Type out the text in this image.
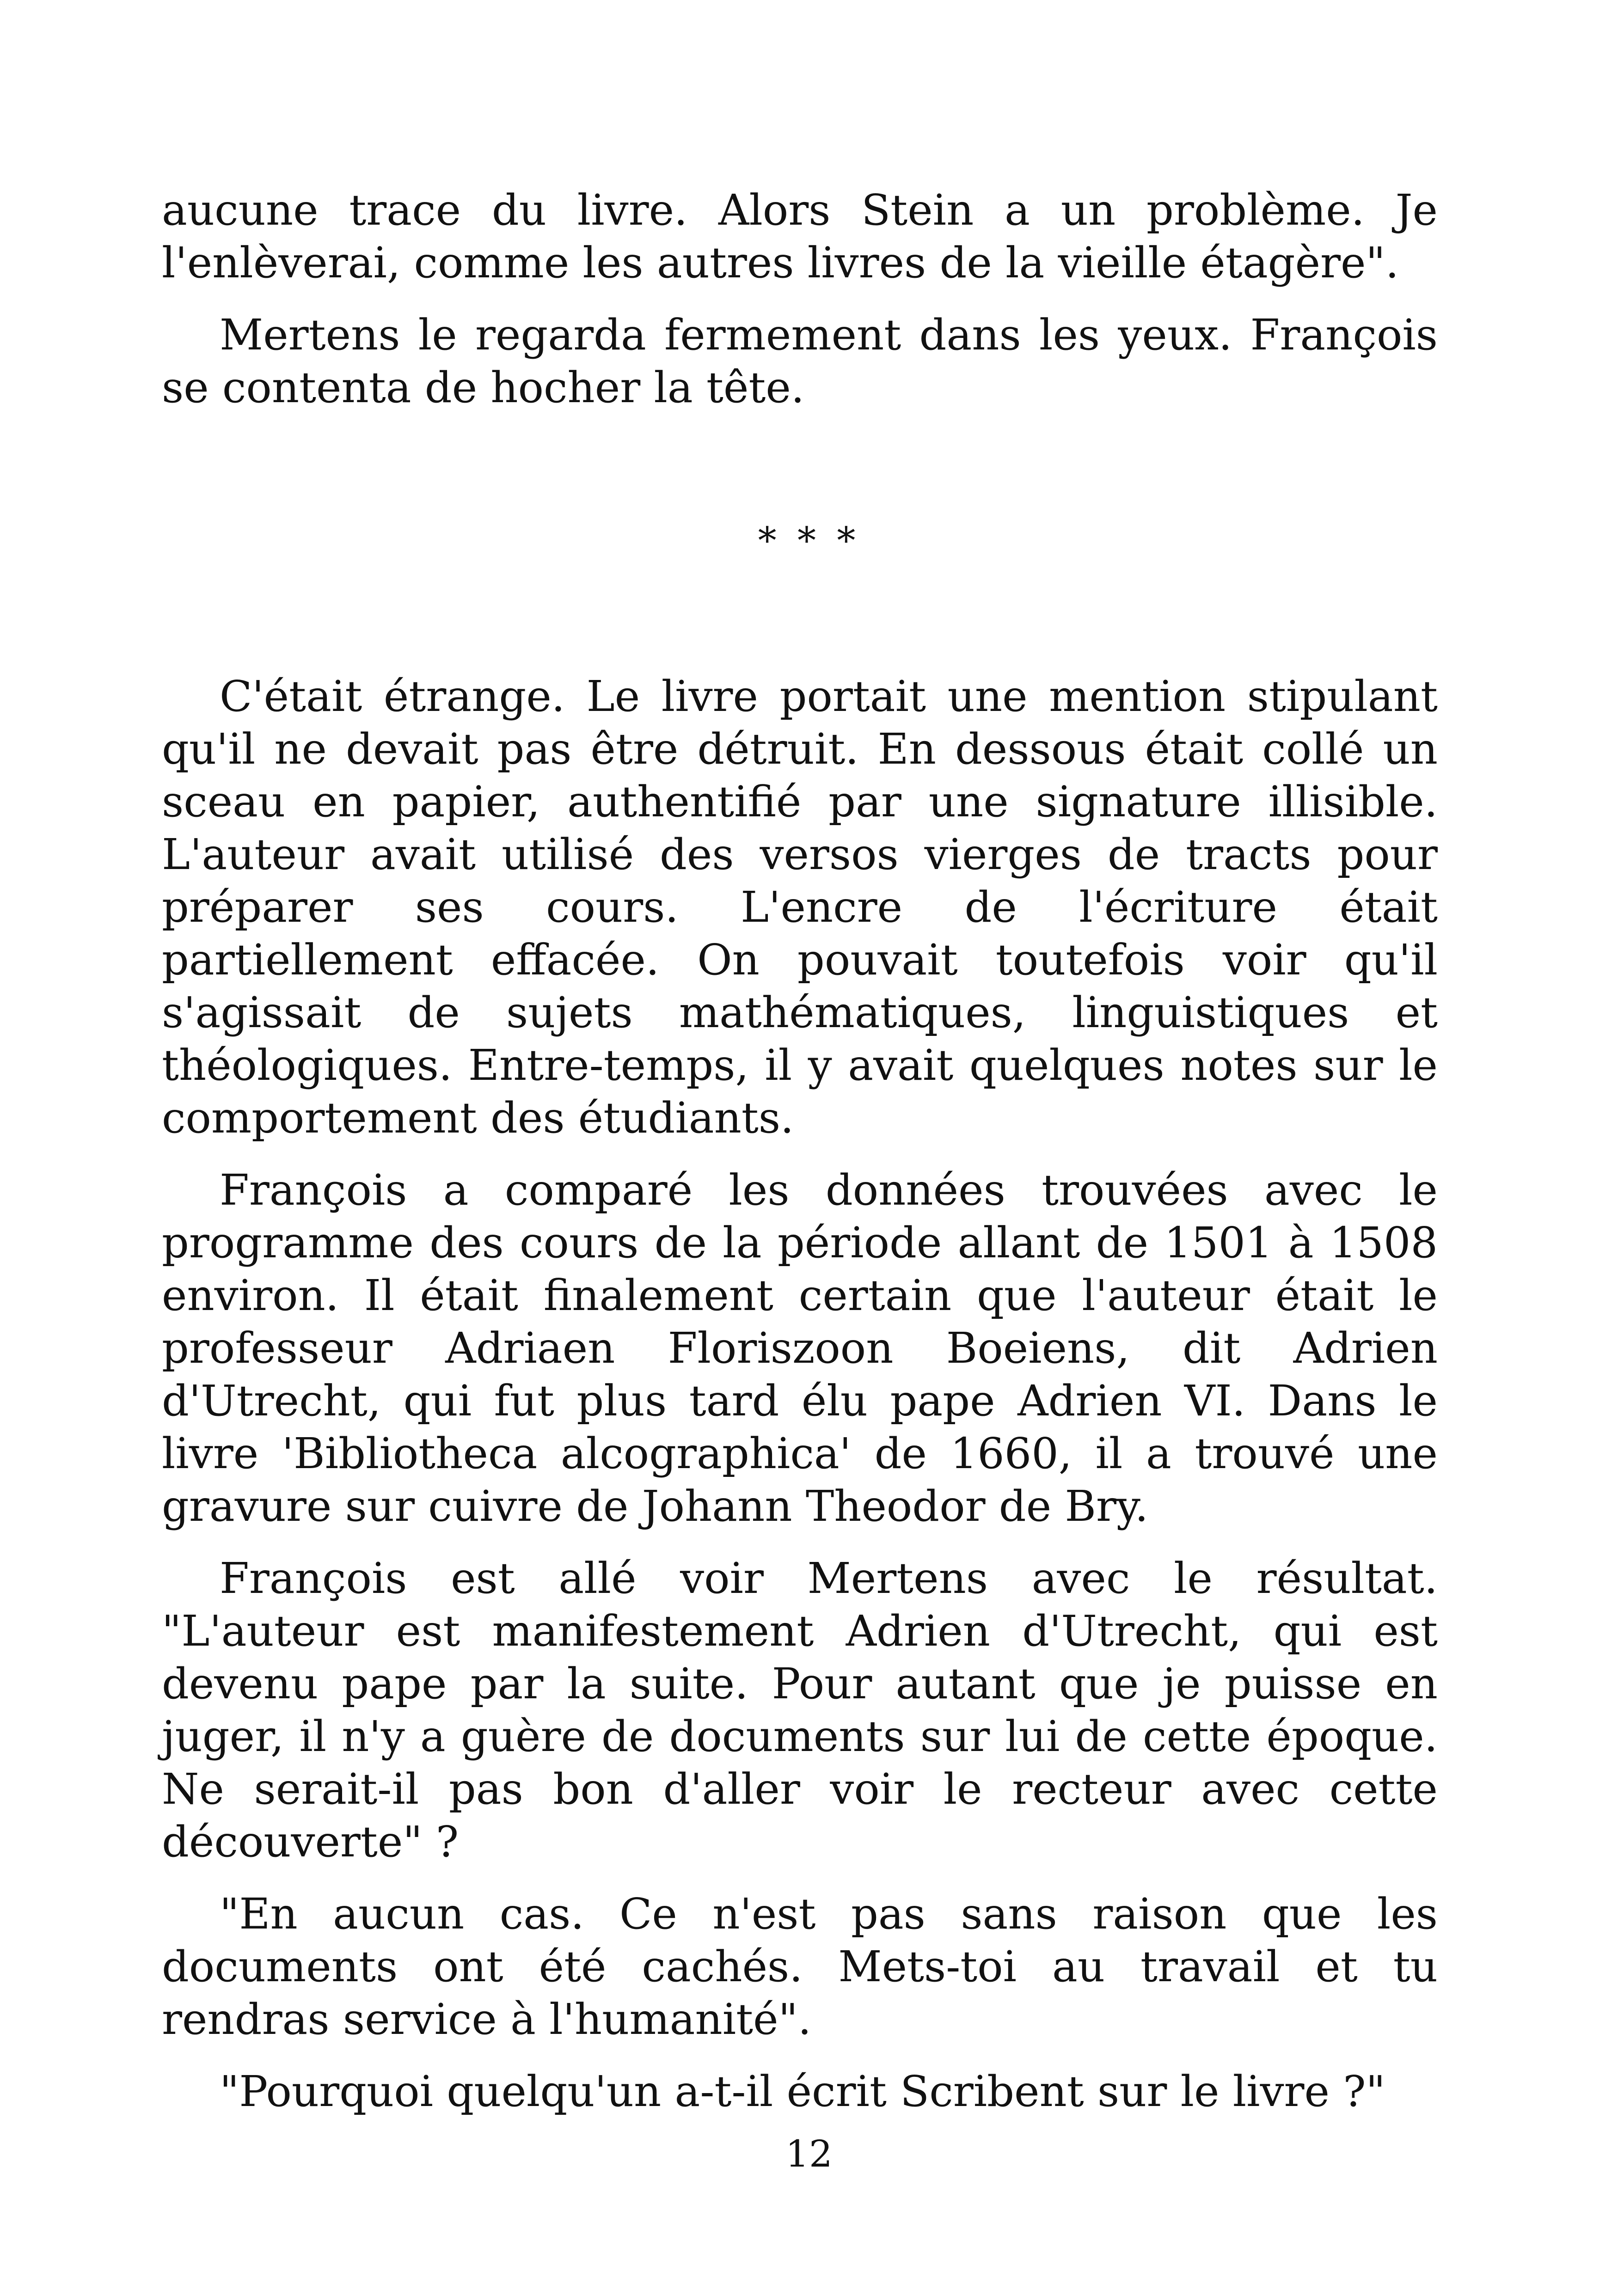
aucune trace du livre. Alors Stein a un problème. Je l'enlèverai, comme les autres livres de la vieille étagère".

Mertens le regarda fermement dans les yeux. François se contenta de hocher la tête.

* * *

C'était étrange. Le livre portait une mention stipulant qu'il ne devait pas être détruit. En dessous était collé un sceau en papier, authentifié par une signature illisible. L'auteur avait utilisé des versos vierges de tracts pour préparer ses cours. L'encre de l'écriture était partiellement effacée. On pouvait toutefois voir qu'il s'agissait de sujets mathématiques, linguistiques et théologiques. Entre-temps, il y avait quelques notes sur le comportement des étudiants.

François a comparé les données trouvées avec le programme des cours de la période allant de 1501 à 1508 environ. Il était finalement certain que l'auteur était le professeur Adriaen Floriszoon Boeiens, dit Adrien d'Utrecht, qui fut plus tard élu pape Adrien VI. Dans le livre 'Bibliotheca alcographica' de 1660, il a trouvé une gravure sur cuivre de Johann Theodor de Bry.

François est allé voir Mertens avec le résultat. "L'auteur est manifestement Adrien d'Utrecht, qui est devenu pape par la suite. Pour autant que je puisse en juger, il n'y a guère de documents sur lui de cette époque. Ne serait-il pas bon d'aller voir le recteur avec cette découverte" ?

"En aucun cas. Ce n'est pas sans raison que les documents ont été cachés. Mets-toi au travail et tu rendras service à l'humanité".

"Pourquoi quelqu'un a-t-il écrit Scribent sur le livre ?"

12
